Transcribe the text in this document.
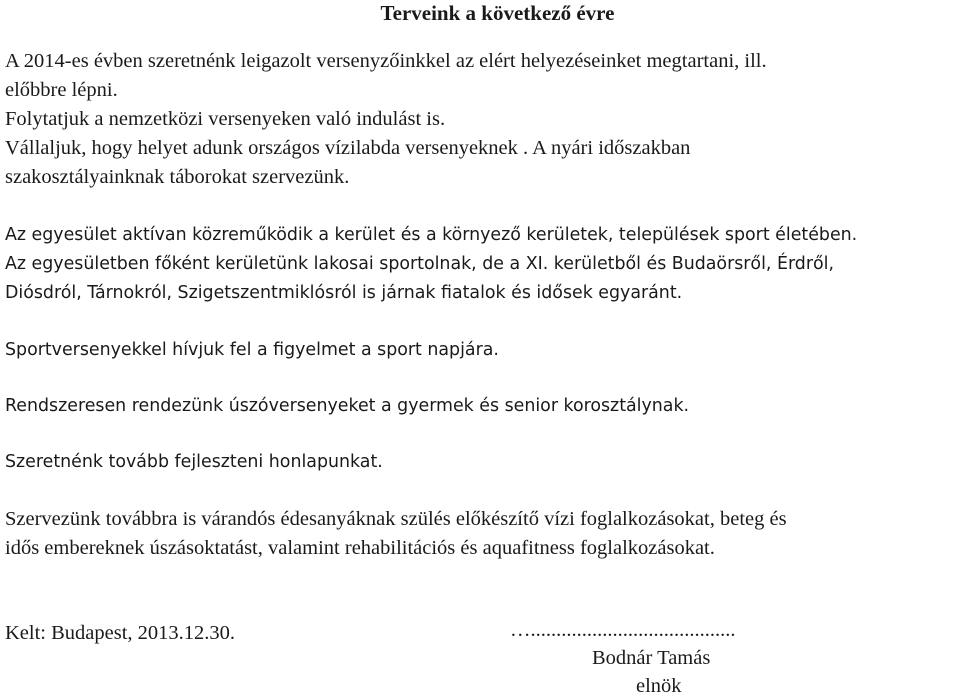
Terveink a következő évre
A 2014-es évben szeretnénk leigazolt versenyzőinkkel az elért helyezéseinket megtartani, ill.
előbbre lépni.
Folytatjuk a nemzetközi versenyeken való indulást is.
Vállaljuk, hogy helyet adunk országos vízilabda versenyeknek . A nyári időszakban
szakosztályainknak táborokat szervezünk.
Az egyesület aktívan közreműködik a kerület és a környező kerületek, települések sport életében.
Az egyesületben főként kerületünk lakosai sportolnak, de a XI. kerületből és Budaörsről, Érdről,
Diósdról, Tárnokról, Szigetszentmiklósról is járnak fiatalok és idősek egyaránt.
Sportversenyekkel hívjuk fel a figyelmet a sport napjára.
Rendszeresen rendezünk úszóversenyeket a gyermek és senior korosztálynak.
Szeretnénk tovább fejleszteni honlapunkat.
Szervezünk továbbra is várandós édesanyáknak szülés előkészítő vízi foglalkozásokat, beteg és
idős embereknek úszásoktatást, valamint rehabilitációs és aquafitness foglalkozásokat.
Kelt: Budapest, 2013.12.30.	…........................................
Bodnár Tamás
elnök
